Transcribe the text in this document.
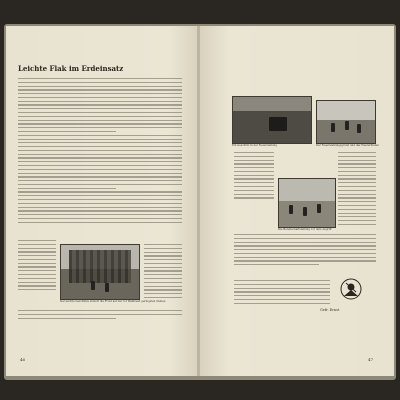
Leichte Flak im Erdeinsatz
Der leichte Geschütze sichert die Front auf der rot Waldrand geringsten Stellen
46
Ein Geschütz in der Feuerstellung	Der Feuerwaltungsgrund und das Wiederfinden
Die Bereitschaftstellung vor dem Angriff
Gefr. Ernst
47
